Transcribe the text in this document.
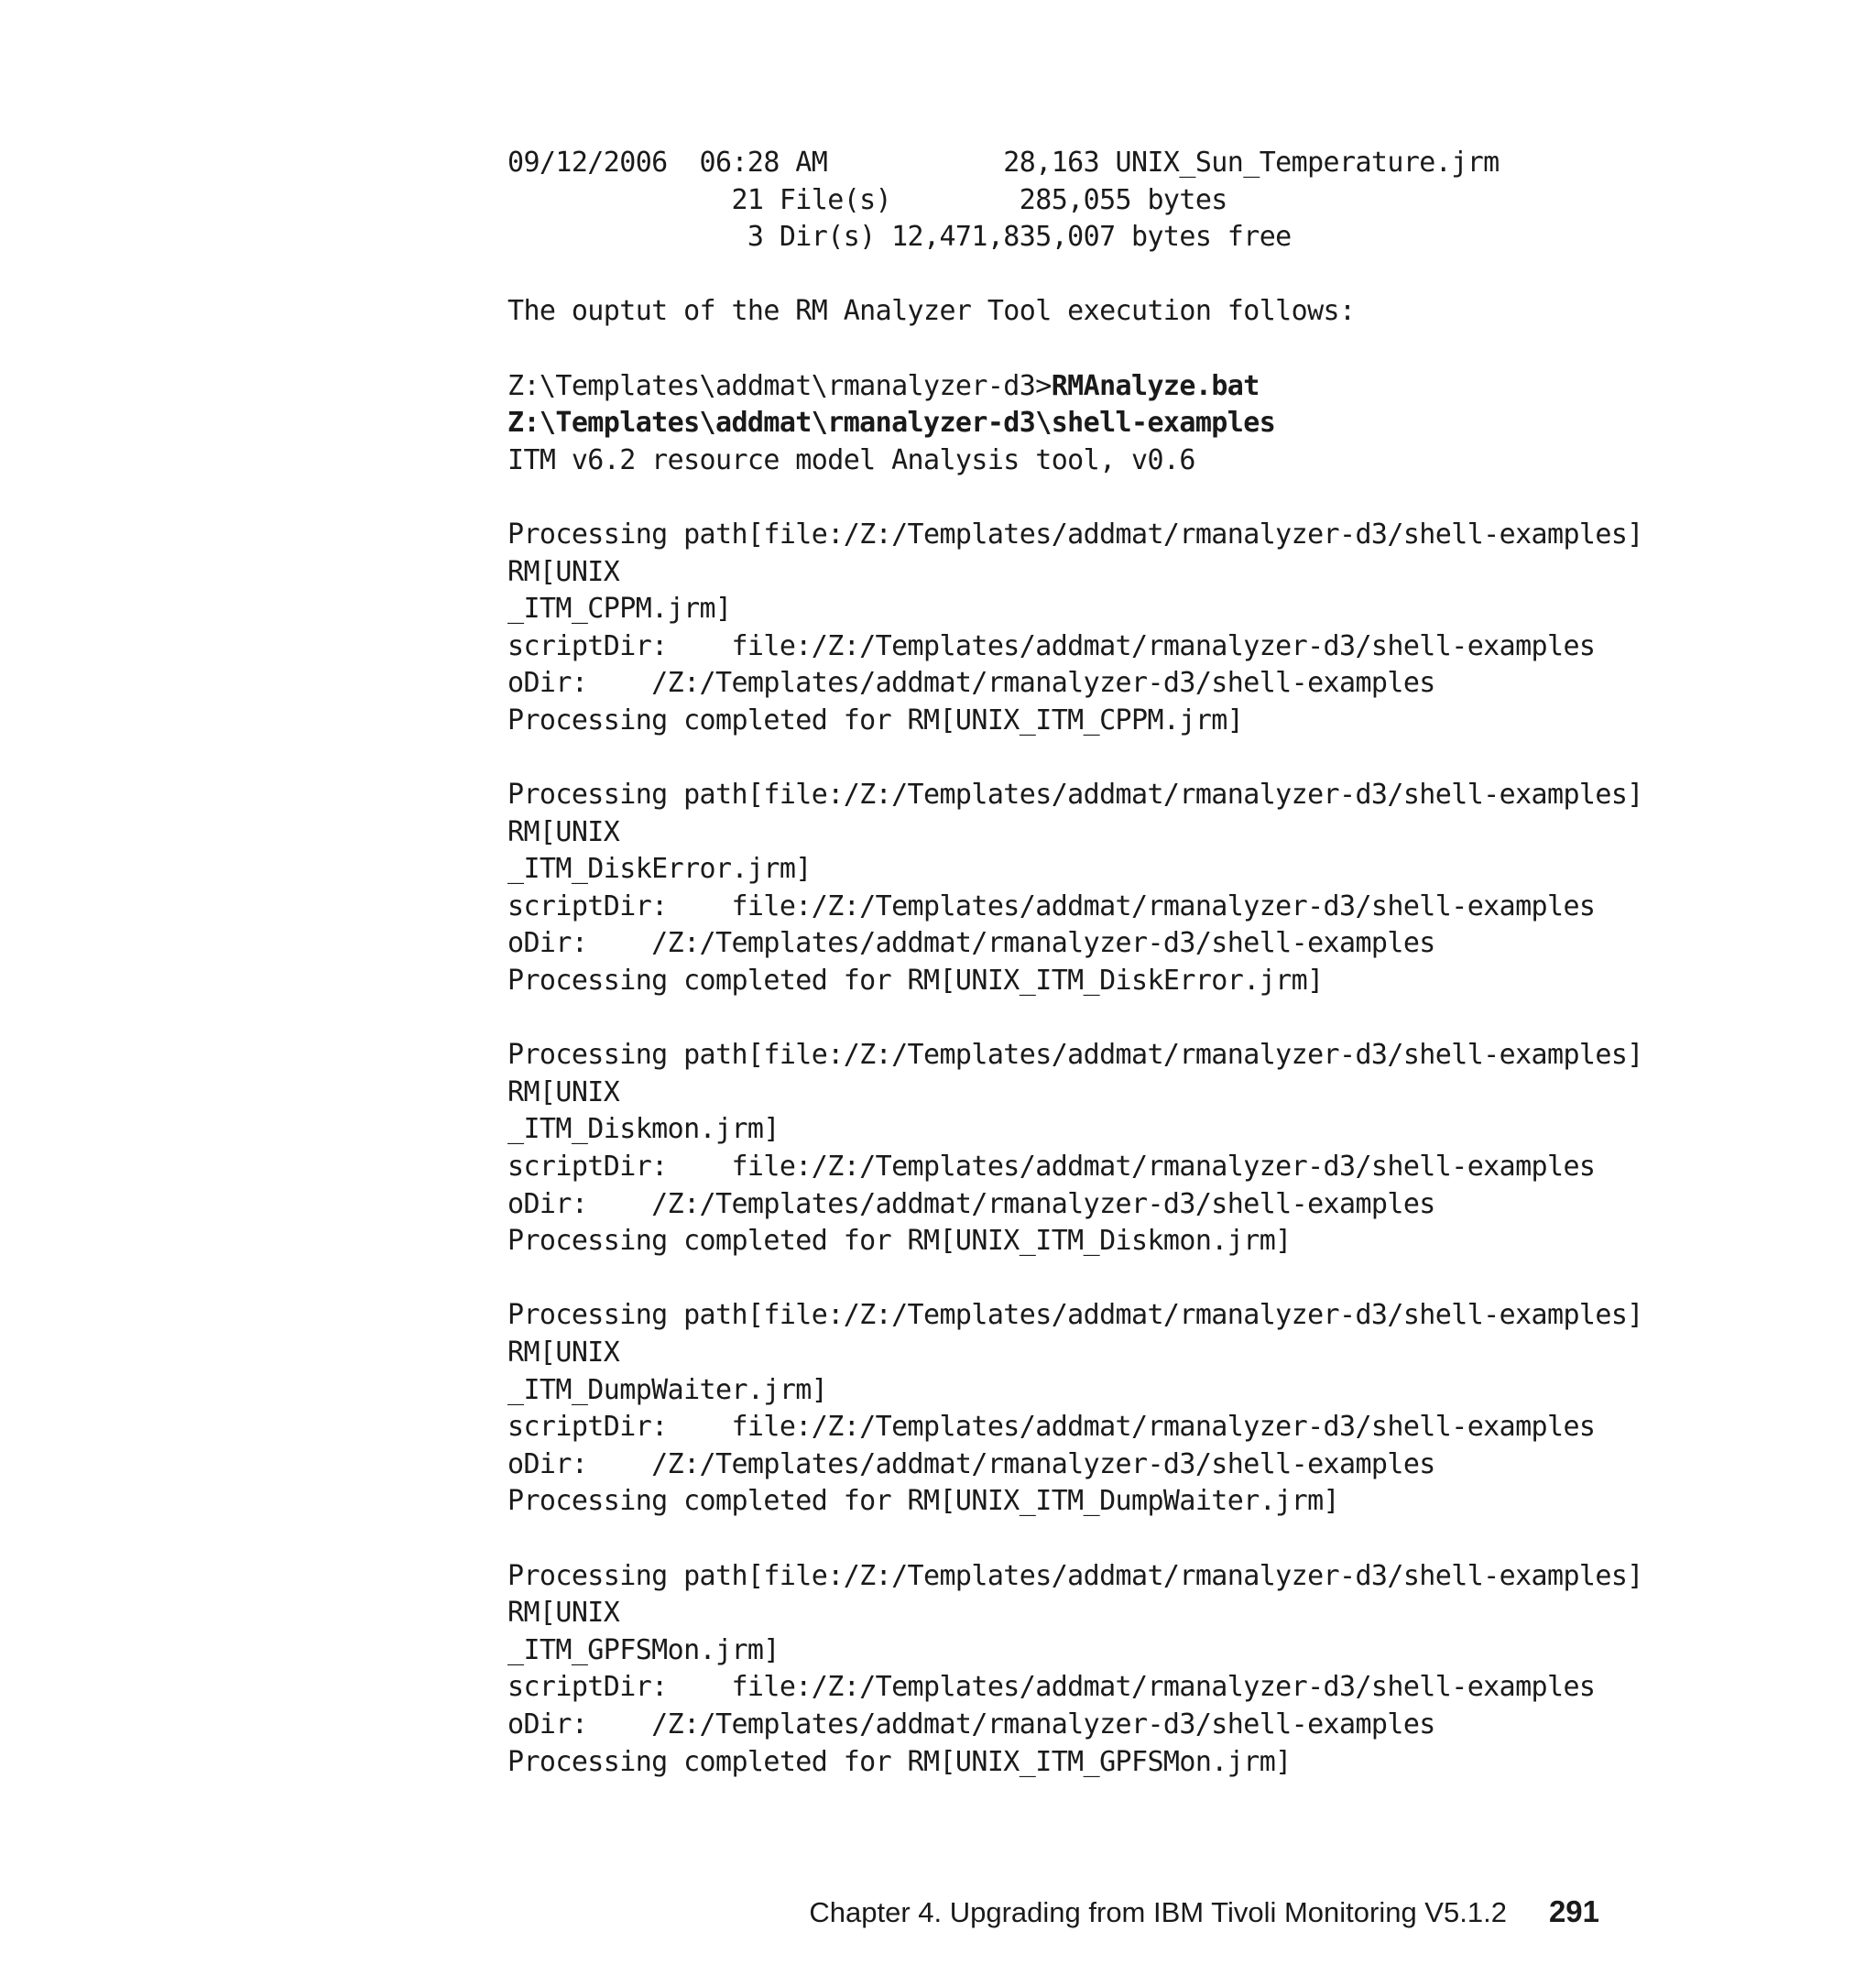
09/12/2006  06:28 AM           28,163 UNIX_Sun_Temperature.jrm
21 File(s)        285,055 bytes
3 Dir(s) 12,471,835,007 bytes free
The ouptut of the RM Analyzer Tool execution follows:
Z:\Templates\addmat\rmanalyzer-d3>RMAnalyze.bat
Z:\Templates\addmat\rmanalyzer-d3\shell-examples
ITM v6.2 resource model Analysis tool, v0.6
Processing path[file:/Z:/Templates/addmat/rmanalyzer-d3/shell-examples]
RM[UNIX
_ITM_CPPM.jrm]
scriptDir:    file:/Z:/Templates/addmat/rmanalyzer-d3/shell-examples
oDir:    /Z:/Templates/addmat/rmanalyzer-d3/shell-examples
Processing completed for RM[UNIX_ITM_CPPM.jrm]
Processing path[file:/Z:/Templates/addmat/rmanalyzer-d3/shell-examples]
RM[UNIX
_ITM_DiskError.jrm]
scriptDir:    file:/Z:/Templates/addmat/rmanalyzer-d3/shell-examples
oDir:    /Z:/Templates/addmat/rmanalyzer-d3/shell-examples
Processing completed for RM[UNIX_ITM_DiskError.jrm]
Processing path[file:/Z:/Templates/addmat/rmanalyzer-d3/shell-examples]
RM[UNIX
_ITM_Diskmon.jrm]
scriptDir:    file:/Z:/Templates/addmat/rmanalyzer-d3/shell-examples
oDir:    /Z:/Templates/addmat/rmanalyzer-d3/shell-examples
Processing completed for RM[UNIX_ITM_Diskmon.jrm]
Processing path[file:/Z:/Templates/addmat/rmanalyzer-d3/shell-examples]
RM[UNIX
_ITM_DumpWaiter.jrm]
scriptDir:    file:/Z:/Templates/addmat/rmanalyzer-d3/shell-examples
oDir:    /Z:/Templates/addmat/rmanalyzer-d3/shell-examples
Processing completed for RM[UNIX_ITM_DumpWaiter.jrm]
Processing path[file:/Z:/Templates/addmat/rmanalyzer-d3/shell-examples]
RM[UNIX
_ITM_GPFSMon.jrm]
scriptDir:    file:/Z:/Templates/addmat/rmanalyzer-d3/shell-examples
oDir:    /Z:/Templates/addmat/rmanalyzer-d3/shell-examples
Processing completed for RM[UNIX_ITM_GPFSMon.jrm]
Chapter 4. Upgrading from IBM Tivoli Monitoring V5.1.2 291
